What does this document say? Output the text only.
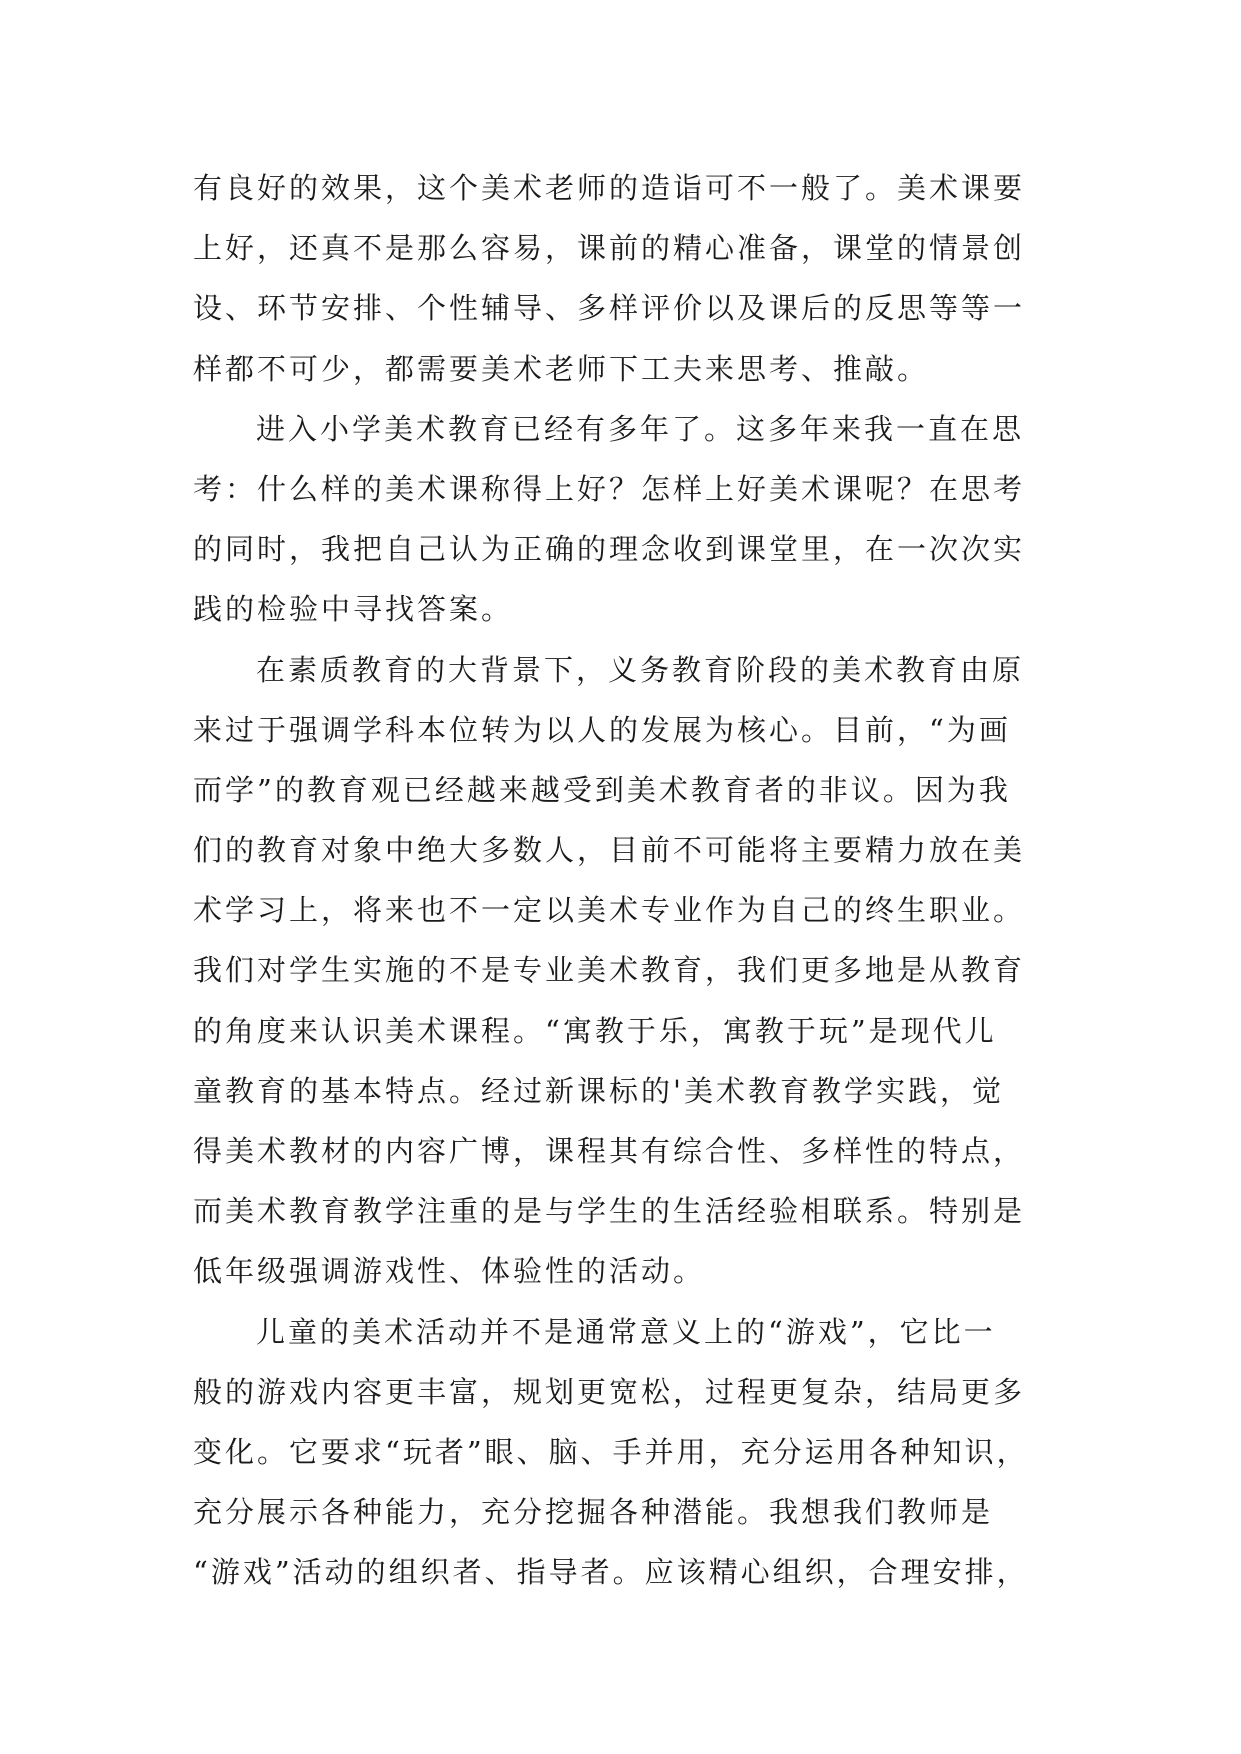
有良好的效果，这个美术老师的造诣可不一般了。美术课要
上好，还真不是那么容易，课前的精心准备，课堂的情景创
设、环节安排、个性辅导、多样评价以及课后的反思等等一
样都不可少，都需要美术老师下工夫来思考、推敲。
进入小学美术教育已经有多年了。这多年来我一直在思
考：什么样的美术课称得上好？怎样上好美术课呢？在思考
的同时，我把自己认为正确的理念收到课堂里，在一次次实
践的检验中寻找答案。
在素质教育的大背景下，义务教育阶段的美术教育由原
来过于强调学科本位转为以人的发展为核心。目前，“为画
而学”的教育观已经越来越受到美术教育者的非议。因为我
们的教育对象中绝大多数人，目前不可能将主要精力放在美
术学习上，将来也不一定以美术专业作为自己的终生职业。
我们对学生实施的不是专业美术教育，我们更多地是从教育
的角度来认识美术课程。“寓教于乐，寓教于玩”是现代儿
童教育的基本特点。经过新课标的'美术教育教学实践，觉
得美术教材的内容广博，课程其有综合性、多样性的特点，
而美术教育教学注重的是与学生的生活经验相联系。特别是
低年级强调游戏性、体验性的活动。
儿童的美术活动并不是通常意义上的“游戏”，它比一
般的游戏内容更丰富，规划更宽松，过程更复杂，结局更多
变化。它要求“玩者”眼、脑、手并用，充分运用各种知识，
充分展示各种能力，充分挖掘各种潜能。我想我们教师是
“游戏”活动的组织者、指导者。应该精心组织，合理安排，
